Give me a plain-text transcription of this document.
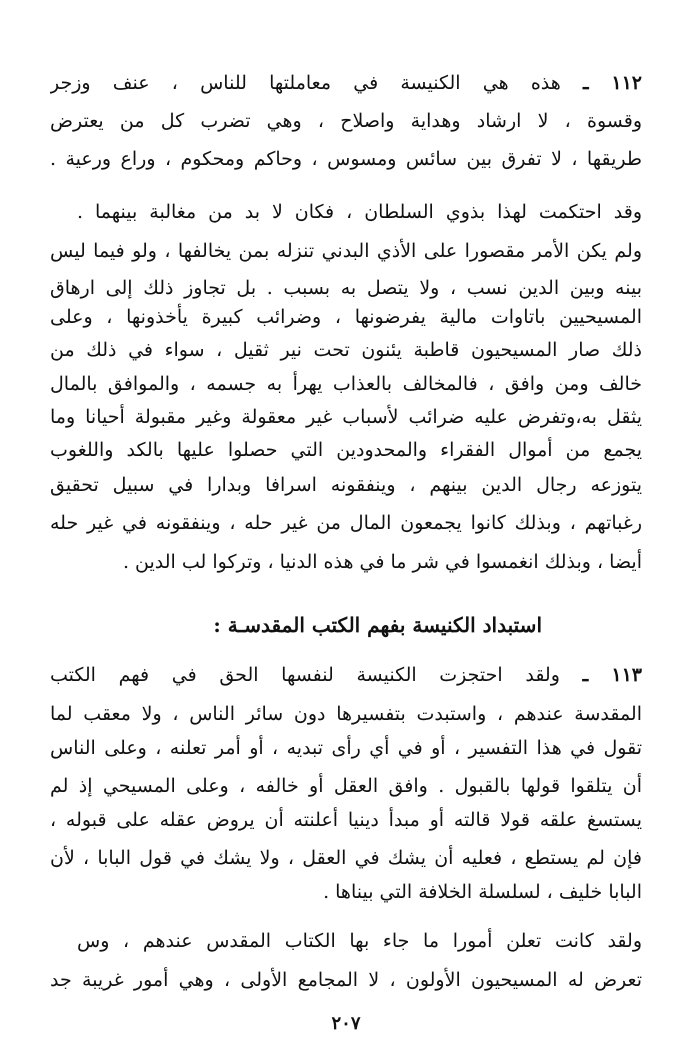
١١٢ ـ هذه هي الكنيسة في معاملتها للناس ، عنف وزجر
وقسوة ، لا ارشاد وهداية واصلاح ، وهي تضرب كل من يعترض
طريقها ، لا تفرق بين سائس ومسوس ، وحاكم ومحكوم ، وراع ورعية .
وقد احتكمت لهذا بذوي السلطان ، فكان لا بد من مغالبة بينهما .
ولم يكن الأمر مقصورا على الأذي البدني تنزله بمن يخالفها ، ولو فيما ليس
بينه وبين الدين نسب ، ولا يتصل به بسبب . بل تجاوز ذلك إلى ارهاق
المسيحيين باتاوات مالية يفرضونها ، وضرائب كبيرة يأخذونها ، وعلى
ذلك صار المسيحيون قاطبة يئنون تحت نير ثقيل ، سواء في ذلك من
خالف ومن وافق ، فالمخالف بالعذاب يهرأ به جسمه ، والموافق بالمال
يثقل به،وتفرض عليه ضرائب لأسباب غير معقولة وغير مقبولة أحيانا وما
يجمع من أموال الفقراء والمحدودين التي حصلوا عليها بالكد واللغوب
يتوزعه رجال الدين بينهم ، وينفقونه اسرافا وبدارا في سبيل تحقيق
رغباتهم ، وبذلك كانوا يجمعون المال من غير حله ، وينفقونه في غير حله
أيضا ، وبذلك انغمسوا في شر ما في هذه الدنيا ، وتركوا لب الدين .
استبداد الكنيسة بفهم الكتب المقدسـة :
١١٣ ـ ولقد احتجزت الكنيسة لنفسها الحق في فهم الكتب
المقدسة عندهم ، واستبدت بتفسيرها دون سائر الناس ، ولا معقب لما
تقول في هذا التفسير ، أو في أي رأى تبديه ، أو أمر تعلنه ، وعلى الناس
أن يتلقوا قولها بالقبول . وافق العقل أو خالفه ، وعلى المسيحي إذ لم
يستسغ علقه قولا قالته أو مبدأ دينيا أعلنته أن يروض عقله على قبوله ،
فإن لم يستطع ، فعليه أن يشك في العقل ، ولا يشك في قول البابا ، لأن
البابا خليف ، لسلسلة الخلافة التي بيناها .
ولقد كانت تعلن أمورا ما جاء بها الكتاب المقدس عندهم ، وس
تعرض له المسيحيون الأولون ، لا المجامع الأولى ، وهي أمور غريبة جد
٢٠٧
